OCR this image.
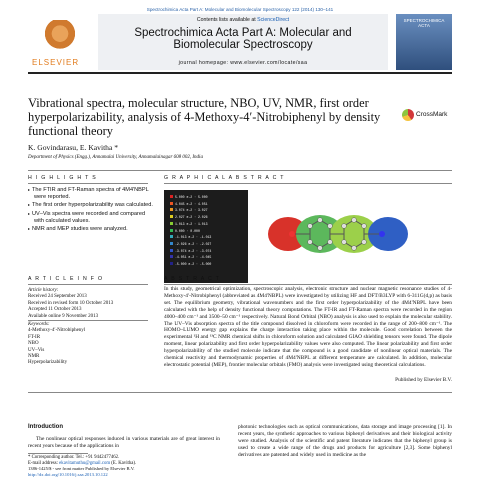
Spectrochimica Acta Part A: Molecular and Biomolecular Spectroscopy 122 (2014) 130–141
ELSEVIER
Contents lists available at ScienceDirect
Spectrochimica Acta Part A: Molecular and
Biomolecular Spectroscopy
journal homepage: www.elsevier.com/locate/saa
SPECTROCHIMICA ACTA
Vibrational spectra, molecular structure, NBO, UV, NMR, first order hyperpolarizability, analysis of 4-Methoxy-4′-Nitrobiphenyl by density functional theory
CrossMark
K. Govindarasu, E. Kavitha *
Department of Physics (Engg.), Annamalai University, Annamalainagar 608 002, India
H I G H L I G H T S	G R A P H I C A L A B S T R A C T
▸ The FTIR and FT-Raman spectra of 4M4'NBPL were reported.
▸ The first order hyperpolarizability was calculated.
▸ UV–Vis spectra were recorded and compared with calculated values.
▸ NMR and MEP studies were analyzed.
5.000 e-2 · 5.000
4.045 e-2 · 4.051
3.074 e-2 · 3.027
2.027 e-2 · 2.026
1.013 e-2 · 1.013
0.000 · 0.000
-1.013 e-2 · -1.013
-2.026 e-2 · -2.027
-3.074 e-2 · -3.074
-4.051 e-2 · -4.045
-5.000 e-2 · -5.000
A R T I C L E I N F O	A B S T R A C T
Article history:
Received 24 September 2013
Received in revised form 10 October 2013
Accepted 11 October 2013
Available online 9 November 2013
Keywords:
4-Methoxy-4′-Nitrobiphenyl
FT-IR
NBO
UV–Vis
NMR
Hyperpolarizability
In this study, geometrical optimization, spectroscopic analysis, electronic structure and nuclear magnetic resonance studies of 4-Methoxy-4′-Nitrobiphenyl (abbreviated as 4M4'NBPL) were investigated by utilizing HF and DFT/B3LYP with 6-311G(d,p) as basis set. The equilibrium geometry, vibrational wavenumbers and the first order hyperpolarizability of the 4M4'NBPL have been calculated with the help of density functional theory computations. The FT-IR and FT-Raman spectra were recorded in the region 4000–400 cm⁻¹ and 3500–50 cm⁻¹ respectively. Natural Bond Orbital (NBO) analysis is also used to explain the molecular stability. The UV–Vis absorption spectra of the title compound dissolved in chloroform were recorded in the range of 200–800 cm⁻¹. The HOMO–LUMO energy gap explains the charge interaction taking place within the molecule. Good correlation between the experimental ¹H and ¹³C NMR chemical shifts in chloroform solution and calculated GIAO shielding tensors were found. The dipole moment, linear polarizability and first order hyperpolarizability values were also computed. The linear polarizability and first order hyperpolarizability of the studied molecule indicate that the compound is a good candidate of nonlinear optical materials. The chemical reactivity and thermodynamic properties of 4M4'NBPL at different temperature are calculated. In addition, molecular electrostatic potential (MEP), frontier molecular orbitals (FMO) analysis were investigated using theoretical calculations.
Published by Elsevier B.V.
Introduction
The nonlinear optical responses induced in various materials are of great interest in recent years because of the applications in
* Corresponding author. Tel.: +91 9442477462.
E-mail address: ekavitamuthu@gmail.com (E. Kavitha).
1386-1425/$ - see front matter Published by Elsevier B.V.
http://dx.doi.org/10.1016/j.saa.2013.10.122
photonic technologies such as optical communications, data storage and image processing [1]. In recent years, the synthetic approaches to various biphenyl derivatives and their biological activity were studied. Analysis of the scientific and patent literature indicates that the biphenyl group is used to create a wide range of the drugs and products for agriculture [2,3]. Some biphenyl derivatives are patented and widely used in medicine as the
